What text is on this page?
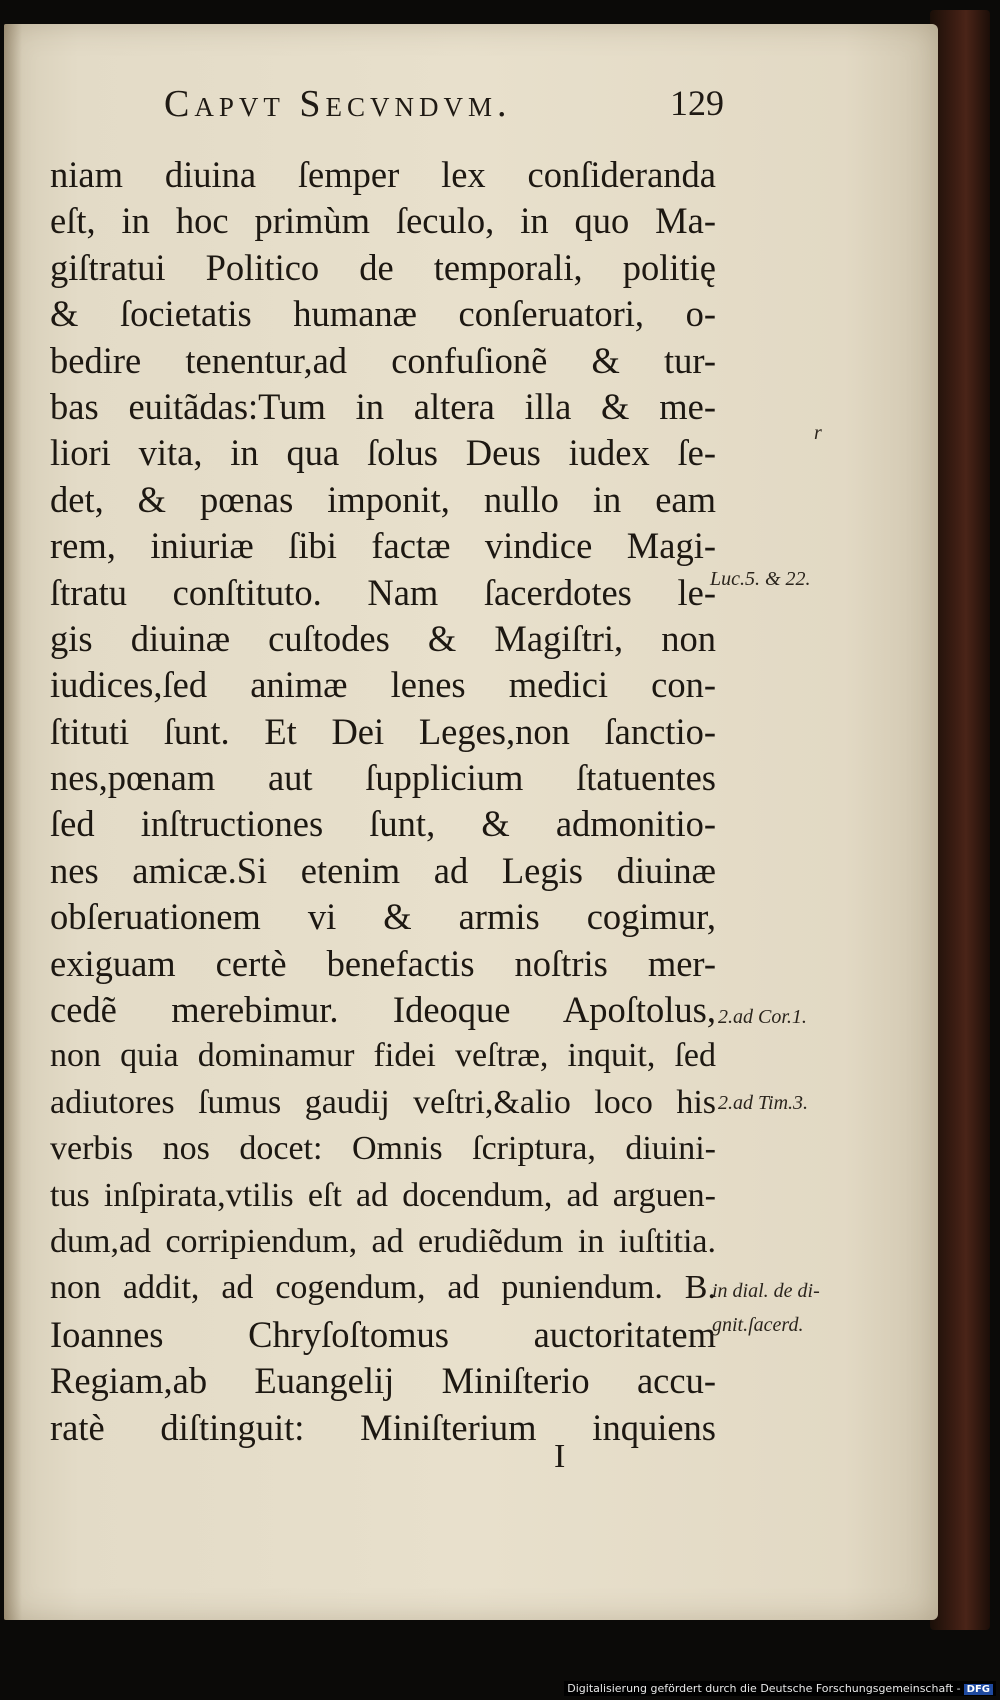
Capvt Secvndvm.	129
niam diuina ſemper lex conſideranda
eſt, in hoc primùm ſeculo, in quo Ma-
giſtratui Politico de temporali, politię
& ſocietatis humanæ conſeruatori, o-
bedire tenentur,ad confuſionẽ & tur-
bas euitãdas:Tum in altera illa & me-
liori vita, in qua ſolus Deus iudex ſe-
det, & pœnas imponit, nullo in eam
rem, iniuriæ ſibi factæ vindice Magi-
ſtratu conſtituto. Nam ſacerdotes le-
gis diuinæ cuſtodes & Magiſtri, non
iudices,ſed animæ lenes medici con-
ſtituti ſunt. Et Dei Leges,non ſanctio-
nes,pœnam aut ſupplicium ſtatuentes
ſed inſtructiones ſunt, & admonitio-
nes amicæ.Si etenim ad Legis diuinæ
obſeruationem vi & armis cogimur,
exiguam certè benefactis noſtris mer-
cedẽ merebimur. Ideoque Apoſtolus,
non quia dominamur fidei veſtræ, inquit, ſed
adiutores ſumus gaudij veſtri,&alio loco his
verbis nos docet: Omnis ſcriptura, diuini-
tus inſpirata,vtilis eſt ad docendum, ad arguen-
dum,ad corripiendum, ad erudiẽdum in iuſtitia.
non addit, ad cogendum, ad puniendum. B.
Ioannes Chryſoſtomus auctoritatem
Regiam,ab Euangelij Miniſterio accu-
ratè diſtinguit: Miniſterium inquiens
I
r
Luc.5. & 22.
2.ad Cor.1.
2.ad Tim.3.
in dial. de di-
gnit.ſacerd.
Digitalisierung gefördert durch die Deutsche Forschungsgemeinschaft - DFG
